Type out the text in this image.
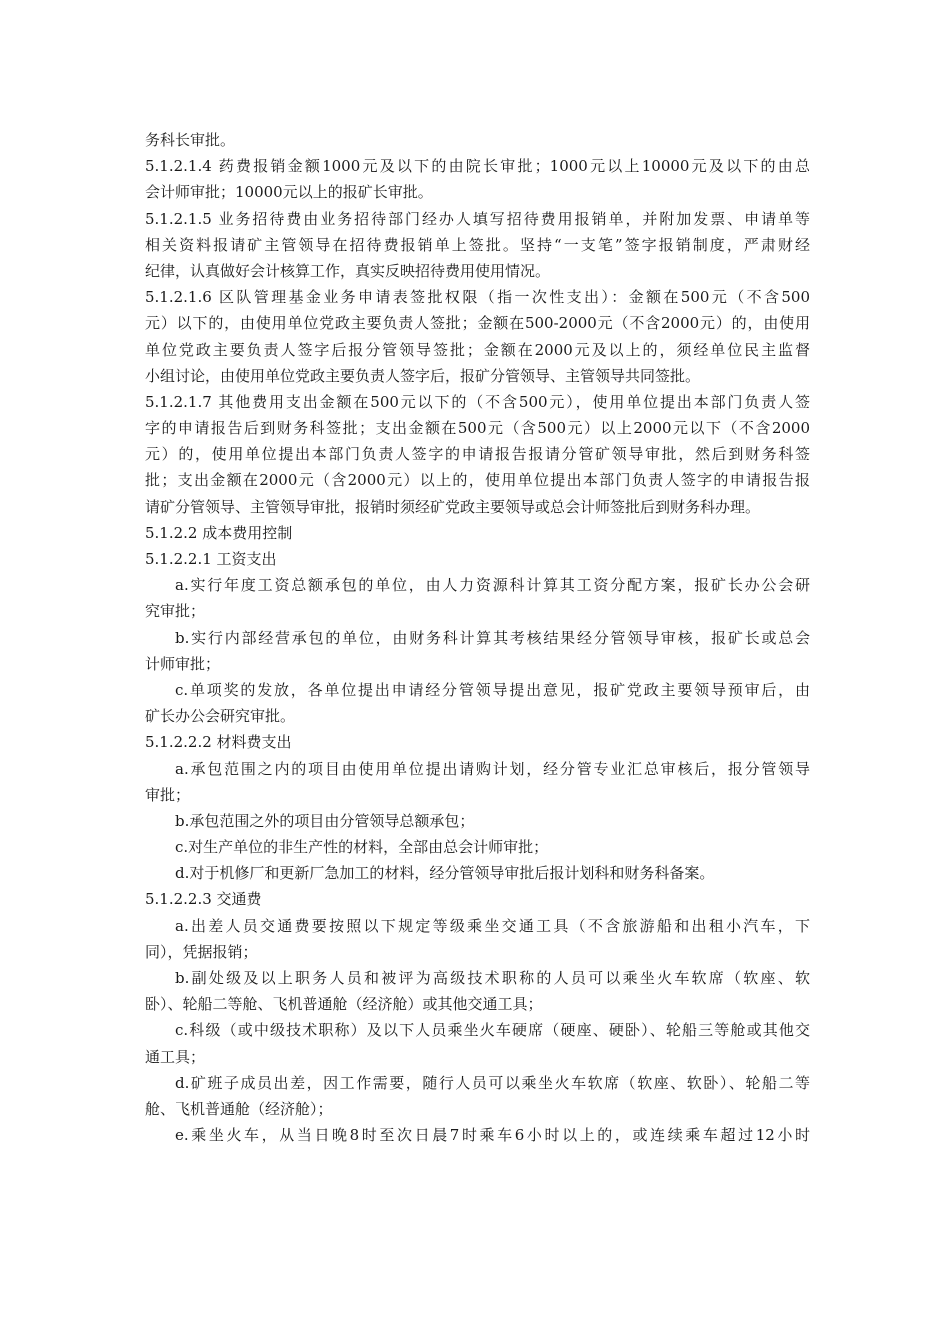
务科长审批。
5.1.2.1.4 药费报销金额1000元及以下的由院长审批；1000元以上10000元及以下的由总
会计师审批；10000元以上的报矿长审批。
5.1.2.1.5 业务招待费由业务招待部门经办人填写招待费用报销单，并附加发票、申请单等
相关资料报请矿主管领导在招待费报销单上签批。坚持“一支笔”签字报销制度，严肃财经
纪律，认真做好会计核算工作，真实反映招待费用使用情况。
5.1.2.1.6 区队管理基金业务申请表签批权限（指一次性支出）：金额在500元（不含500
元）以下的，由使用单位党政主要负责人签批；金额在500-2000元（不含2000元）的，由使用
单位党政主要负责人签字后报分管领导签批；金额在2000元及以上的，须经单位民主监督
小组讨论，由使用单位党政主要负责人签字后，报矿分管领导、主管领导共同签批。
5.1.2.1.7 其他费用支出金额在500元以下的（不含500元），使用单位提出本部门负责人签
字的申请报告后到财务科签批；支出金额在500元（含500元）以上2000元以下（不含2000
元）的，使用单位提出本部门负责人签字的申请报告报请分管矿领导审批，然后到财务科签
批；支出金额在2000元（含2000元）以上的，使用单位提出本部门负责人签字的申请报告报
请矿分管领导、主管领导审批，报销时须经矿党政主要领导或总会计师签批后到财务科办理。
5.1.2.2 成本费用控制
5.1.2.2.1 工资支出
a.实行年度工资总额承包的单位，由人力资源科计算其工资分配方案，报矿长办公会研
究审批；
b.实行内部经营承包的单位，由财务科计算其考核结果经分管领导审核，报矿长或总会
计师审批；
c.单项奖的发放，各单位提出申请经分管领导提出意见，报矿党政主要领导预审后，由
矿长办公会研究审批。
5.1.2.2.2 材料费支出
a.承包范围之内的项目由使用单位提出请购计划，经分管专业汇总审核后，报分管领导
审批；
b.承包范围之外的项目由分管领导总额承包；
c.对生产单位的非生产性的材料，全部由总会计师审批；
d.对于机修厂和更新厂急加工的材料，经分管领导审批后报计划科和财务科备案。
5.1.2.2.3 交通费
a.出差人员交通费要按照以下规定等级乘坐交通工具（不含旅游船和出租小汽车，下
同），凭据报销；
b.副处级及以上职务人员和被评为高级技术职称的人员可以乘坐火车软席（软座、软
卧）、轮船二等舱、飞机普通舱（经济舱）或其他交通工具；
c.科级（或中级技术职称）及以下人员乘坐火车硬席（硬座、硬卧）、轮船三等舱或其他交
通工具；
d.矿班子成员出差，因工作需要，随行人员可以乘坐火车软席（软座、软卧）、轮船二等
舱、飞机普通舱（经济舱）；
e.乘坐火车，从当日晚8时至次日晨7时乘车6小时以上的，或连续乘车超过12小时
